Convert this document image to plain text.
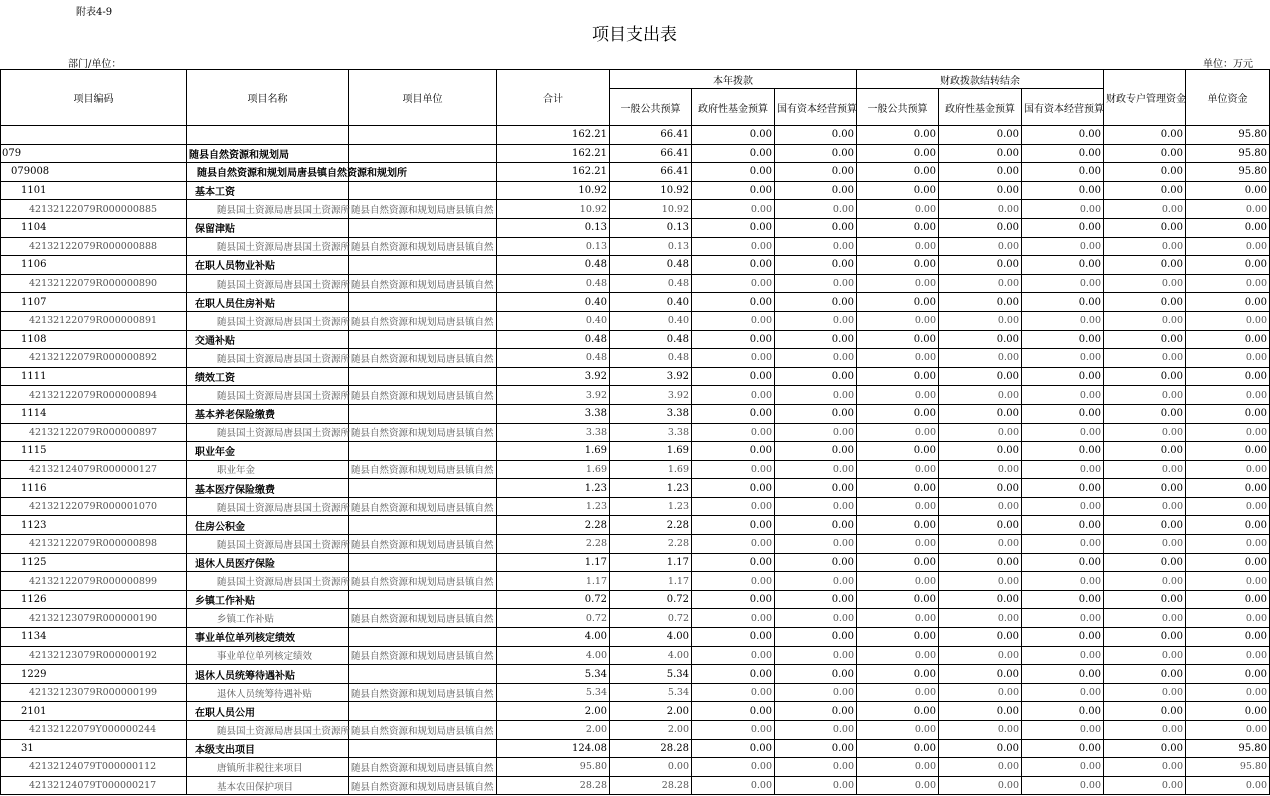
附表4-9
项目支出表
部门/单位：	单位：万元
项目编码	项目名称	项目单位	合计	本年拨款			财政拨款结转结余			财政专户管理资金	单位资金
				一般公共预算	政府性基金预算	国有资本经营预算	一般公共预算	政府性基金预算	国有资本经营预算		
			162.21	66.41	0.00	0.00	0.00	0.00	0.00	0.00	95.80
079	随县自然资源和规划局		162.21	66.41	0.00	0.00	0.00	0.00	0.00	0.00	95.80
079008	随县自然资源和规划局唐县镇自然资源和规划所		162.21	66.41	0.00	0.00	0.00	0.00	0.00	0.00	95.80
1101	基本工资		10.92	10.92	0.00	0.00	0.00	0.00	0.00	0.00	0.00
42132122079R000000885	随县国土资源局唐县国土资源所	随县自然资源和规划局唐县镇自然	10.92	10.92	0.00	0.00	0.00	0.00	0.00	0.00	0.00
1104	保留津贴		0.13	0.13	0.00	0.00	0.00	0.00	0.00	0.00	0.00
42132122079R000000888	随县国土资源局唐县国土资源所	随县自然资源和规划局唐县镇自然	0.13	0.13	0.00	0.00	0.00	0.00	0.00	0.00	0.00
1106	在职人员物业补贴		0.48	0.48	0.00	0.00	0.00	0.00	0.00	0.00	0.00
42132122079R000000890	随县国土资源局唐县国土资源所	随县自然资源和规划局唐县镇自然	0.48	0.48	0.00	0.00	0.00	0.00	0.00	0.00	0.00
1107	在职人员住房补贴		0.40	0.40	0.00	0.00	0.00	0.00	0.00	0.00	0.00
42132122079R000000891	随县国土资源局唐县国土资源所	随县自然资源和规划局唐县镇自然	0.40	0.40	0.00	0.00	0.00	0.00	0.00	0.00	0.00
1108	交通补贴		0.48	0.48	0.00	0.00	0.00	0.00	0.00	0.00	0.00
42132122079R000000892	随县国土资源局唐县国土资源所	随县自然资源和规划局唐县镇自然	0.48	0.48	0.00	0.00	0.00	0.00	0.00	0.00	0.00
1111	绩效工资		3.92	3.92	0.00	0.00	0.00	0.00	0.00	0.00	0.00
42132122079R000000894	随县国土资源局唐县国土资源所	随县自然资源和规划局唐县镇自然	3.92	3.92	0.00	0.00	0.00	0.00	0.00	0.00	0.00
1114	基本养老保险缴费		3.38	3.38	0.00	0.00	0.00	0.00	0.00	0.00	0.00
42132122079R000000897	随县国土资源局唐县国土资源所	随县自然资源和规划局唐县镇自然	3.38	3.38	0.00	0.00	0.00	0.00	0.00	0.00	0.00
1115	职业年金		1.69	1.69	0.00	0.00	0.00	0.00	0.00	0.00	0.00
42132124079R000000127	职业年金	随县自然资源和规划局唐县镇自然	1.69	1.69	0.00	0.00	0.00	0.00	0.00	0.00	0.00
1116	基本医疗保险缴费		1.23	1.23	0.00	0.00	0.00	0.00	0.00	0.00	0.00
42132122079R000001070	随县国土资源局唐县国土资源所	随县自然资源和规划局唐县镇自然	1.23	1.23	0.00	0.00	0.00	0.00	0.00	0.00	0.00
1123	住房公积金		2.28	2.28	0.00	0.00	0.00	0.00	0.00	0.00	0.00
42132122079R000000898	随县国土资源局唐县国土资源所	随县自然资源和规划局唐县镇自然	2.28	2.28	0.00	0.00	0.00	0.00	0.00	0.00	0.00
1125	退休人员医疗保险		1.17	1.17	0.00	0.00	0.00	0.00	0.00	0.00	0.00
42132122079R000000899	随县国土资源局唐县国土资源所	随县自然资源和规划局唐县镇自然	1.17	1.17	0.00	0.00	0.00	0.00	0.00	0.00	0.00
1126	乡镇工作补贴		0.72	0.72	0.00	0.00	0.00	0.00	0.00	0.00	0.00
42132123079R000000190	乡镇工作补贴	随县自然资源和规划局唐县镇自然	0.72	0.72	0.00	0.00	0.00	0.00	0.00	0.00	0.00
1134	事业单位单列核定绩效		4.00	4.00	0.00	0.00	0.00	0.00	0.00	0.00	0.00
42132123079R000000192	事业单位单列核定绩效	随县自然资源和规划局唐县镇自然	4.00	4.00	0.00	0.00	0.00	0.00	0.00	0.00	0.00
1229	退休人员统筹待遇补贴		5.34	5.34	0.00	0.00	0.00	0.00	0.00	0.00	0.00
42132123079R000000199	退休人员统筹待遇补贴	随县自然资源和规划局唐县镇自然	5.34	5.34	0.00	0.00	0.00	0.00	0.00	0.00	0.00
2101	在职人员公用		2.00	2.00	0.00	0.00	0.00	0.00	0.00	0.00	0.00
42132122079Y000000244	随县国土资源局唐县国土资源所	随县自然资源和规划局唐县镇自然	2.00	2.00	0.00	0.00	0.00	0.00	0.00	0.00	0.00
31	本级支出项目		124.08	28.28	0.00	0.00	0.00	0.00	0.00	0.00	95.80
42132124079T000000112	唐镇所非税往来项目	随县自然资源和规划局唐县镇自然	95.80	0.00	0.00	0.00	0.00	0.00	0.00	0.00	95.80
42132124079T000000217	基本农田保护项目	随县自然资源和规划局唐县镇自然	28.28	28.28	0.00	0.00	0.00	0.00	0.00	0.00	0.00
